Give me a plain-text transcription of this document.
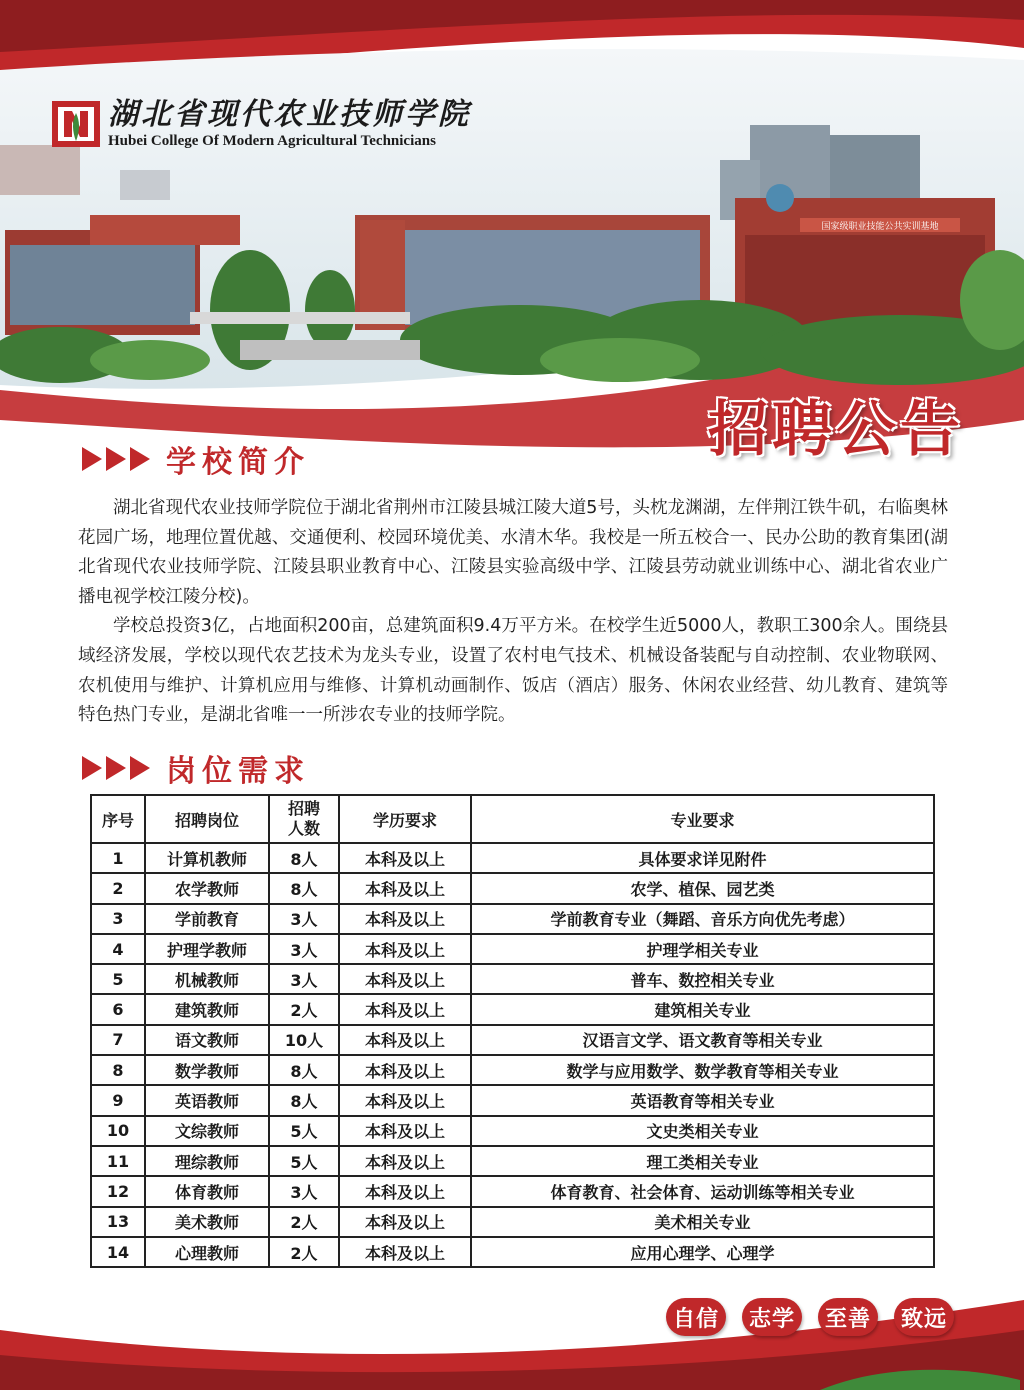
国家级职业技能公共实训基地
湖北省现代农业技师学院
Hubei College Of Modern Agricultural Technicians
招聘公告
学校简介

湖北省现代农业技师学院位于湖北省荆州市江陵县城江陵大道5号，头枕龙渊湖，左伴荆江铁牛矶，右临奥林花园广场，地理位置优越、交通便利、校园环境优美、水清木华。我校是一所五校合一、民办公助的教育集团(湖北省现代农业技师学院、江陵县职业教育中心、江陵县实验高级中学、江陵县劳动就业训练中心、湖北省农业广播电视学校江陵分校)。

学校总投资3亿，占地面积200亩，总建筑面积9.4万平方米。在校学生近5000人，教职工300余人。围绕县域经济发展，学校以现代农艺技术为龙头专业，设置了农村电气技术、机械设备装配与自动控制、农业物联网、农机使用与维护、计算机应用与维修、计算机动画制作、饭店（酒店）服务、休闲农业经营、幼儿教育、建筑等特色热门专业，是湖北省唯一一所涉农专业的技师学院。

岗位需求
序号	招聘岗位	招聘人数	学历要求	专业要求
1	计算机教师	8人	本科及以上	具体要求详见附件
2	农学教师	8人	本科及以上	农学、植保、园艺类
3	学前教育	3人	本科及以上	学前教育专业（舞蹈、音乐方向优先考虑）
4	护理学教师	3人	本科及以上	护理学相关专业
5	机械教师	3人	本科及以上	普车、数控相关专业
6	建筑教师	2人	本科及以上	建筑相关专业
7	语文教师	10人	本科及以上	汉语言文学、语文教育等相关专业
8	数学教师	8人	本科及以上	数学与应用数学、数学教育等相关专业
9	英语教师	8人	本科及以上	英语教育等相关专业
10	文综教师	5人	本科及以上	文史类相关专业
11	理综教师	5人	本科及以上	理工类相关专业
12	体育教师	3人	本科及以上	体育教育、社会体育、运动训练等相关专业
13	美术教师	2人	本科及以上	美术相关专业
14	心理教师	2人	本科及以上	应用心理学、心理学
自信	志学	至善	致远
